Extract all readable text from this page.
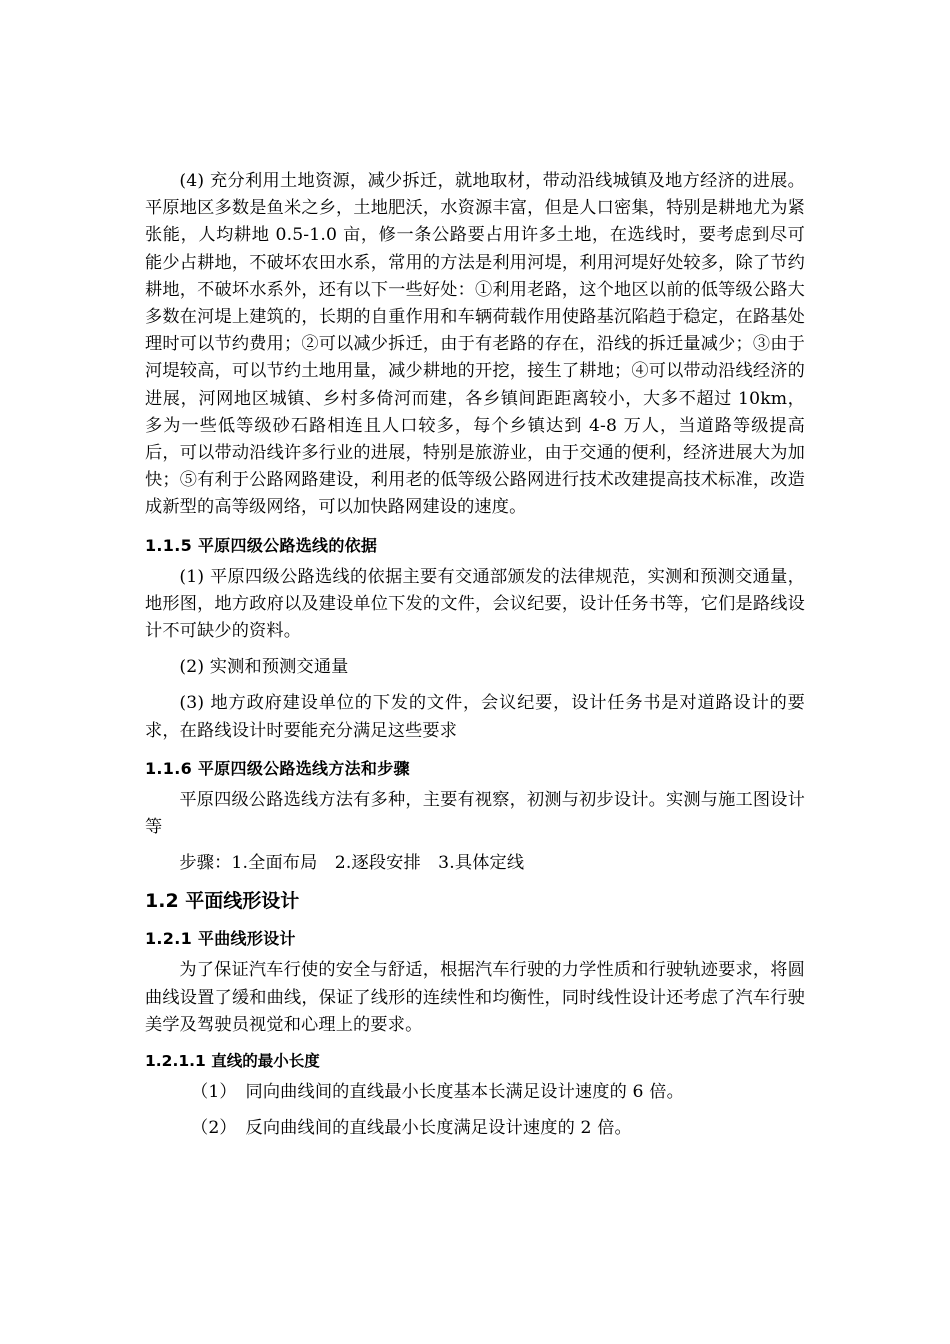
(4) 充分利用土地资源，减少拆迁，就地取材，带动沿线城镇及地方经济的进展。平原地区多数是鱼米之乡，土地肥沃，水资源丰富，但是人口密集，特别是耕地尤为紧张能，人均耕地 0.5-1.0 亩，修一条公路要占用许多土地，在选线时，要考虑到尽可能少占耕地，不破坏农田水系，常用的方法是利用河堤，利用河堤好处较多，除了节约耕地，不破坏水系外，还有以下一些好处：①利用老路，这个地区以前的低等级公路大多数在河堤上建筑的，长期的自重作用和车辆荷载作用使路基沉陷趋于稳定，在路基处理时可以节约费用；②可以减少拆迁，由于有老路的存在，沿线的拆迁量减少；③由于河堤较高，可以节约土地用量，减少耕地的开挖，接生了耕地；④可以带动沿线经济的进展，河网地区城镇、乡村多倚河而建，各乡镇间距距离较小，大多不超过 10km，多为一些低等级砂石路相连且人口较多，每个乡镇达到 4-8 万人，当道路等级提高后，可以带动沿线许多行业的进展，特别是旅游业，由于交通的便利，经济进展大为加快；⑤有利于公路网路建设，利用老的低等级公路网进行技术改建提高技术标准，改造成新型的高等级网络，可以加快路网建设的速度。

1.1.5 平原四级公路选线的依据

(1) 平原四级公路选线的依据主要有交通部颁发的法律规范，实测和预测交通量，地形图，地方政府以及建设单位下发的文件，会议纪要，设计任务书等，它们是路线设计不可缺少的资料。

(2) 实测和预测交通量

(3) 地方政府建设单位的下发的文件，会议纪要，设计任务书是对道路设计的要求，在路线设计时要能充分满足这些要求

1.1.6 平原四级公路选线方法和步骤

平原四级公路选线方法有多种，主要有视察，初测与初步设计。实测与施工图设计等

步骤：1.全面布局　2.逐段安排　3.具体定线

1.2 平面线形设计
1.2.1 平曲线形设计

为了保证汽车行使的安全与舒适，根据汽车行驶的力学性质和行驶轨迹要求，将圆曲线设置了缓和曲线，保证了线形的连续性和均衡性，同时线性设计还考虑了汽车行驶美学及驾驶员视觉和心理上的要求。

1.2.1.1 直线的最小长度
（1）　同向曲线间的直线最小长度基本长满足设计速度的 6 倍。
（2）　反向曲线间的直线最小长度满足设计速度的 2 倍。
